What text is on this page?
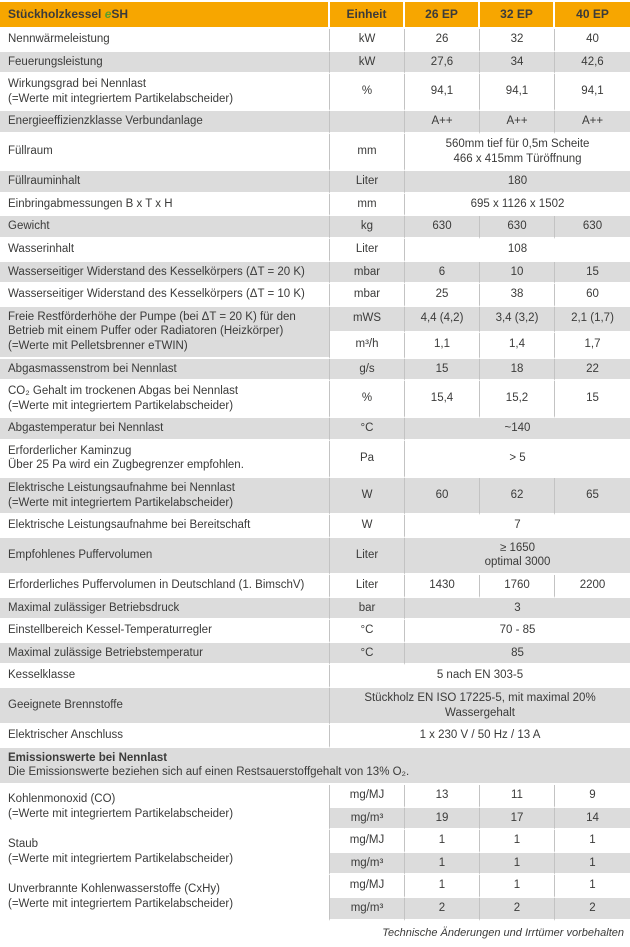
Stückholzkessel eSH	Einheit	26 EP	32 EP	40 EP

Nennwärmeleistung	kW	26	32	40

Feuerungsleistung	kW	27,6	34	42,6

Wirkungsgrad bei Nennlast
(=Werte mit integriertem Partikelabscheider)	%	94,1	94,1	94,1

Energieeffizienzklasse Verbundanlage		A++	A++	A++

Füllraum	mm	560mm tief für 0,5m Scheite
466 x 415mm Türöffnung		

Füllrauminhalt	Liter	180		

Einbringabmessungen B x T x H	mm	695 x 1126 x 1502		

Gewicht	kg	630	630	630

Wasserinhalt	Liter	108		

Wasserseitiger Widerstand des Kesselkörpers (ΔT = 20 K)	mbar	6	10	15

Wasserseitiger Widerstand des Kesselkörpers (ΔT = 10 K)	mbar	25	38	60

Freie Restförderhöhe der Pumpe (bei ΔT = 20 K) für den Betrieb mit einem Puffer oder Radiatoren (Heizkörper)
(=Werte mit Pelletsbrenner eTWIN)	mWS	4,4 (4,2)	3,4 (3,2)	2,1 (1,7)
	m³/h	1,1	1,4	1,7

Abgasmassenstrom bei Nennlast	g/s	15	18	22

CO₂ Gehalt im trockenen Abgas bei Nennlast
(=Werte mit integriertem Partikelabscheider)	%	15,4	15,2	15

Abgastemperatur bei Nennlast	°C	~140		

Erforderlicher Kaminzug
Über 25 Pa wird ein Zugbegrenzer empfohlen.	Pa	> 5		

Elektrische Leistungsaufnahme bei Nennlast
(=Werte mit integriertem Partikelabscheider)	W	60	62	65

Elektrische Leistungsaufnahme bei Bereitschaft	W	7		

Empfohlenes Puffervolumen	Liter	≥ 1650
optimal 3000		

Erforderliches Puffervolumen in Deutschland (1. BimschV)	Liter	1430	1760	2200

Maximal zulässiger Betriebsdruck	bar	3		

Einstellbereich Kessel-Temperaturregler	°C	70 - 85		

Maximal zulässige Betriebstemperatur	°C	85		

Kesselklasse	5 nach EN 303-5			

Geeignete Brennstoffe	Stückholz EN ISO 17225-5, mit maximal 20% Wassergehalt			

Elektrischer Anschluss	1 x 230 V / 50 Hz / 13 A			

Emissionswerte bei Nennlast
Die Emissionswerte beziehen sich auf einen Restsauerstoffgehalt von 13% O₂.				

Kohlenmonoxid (CO)
(=Werte mit integriertem Partikelabscheider)	mg/MJ	13	11	9
	mg/m³	19	17	14

Staub
(=Werte mit integriertem Partikelabscheider)	mg/MJ	1	1	1
	mg/m³	1	1	1

Unverbrannte Kohlenwasserstoffe (CxHy)
(=Werte mit integriertem Partikelabscheider)	mg/MJ	1	1	1
	mg/m³	2	2	2
Technische Änderungen und Irrtümer vorbehalten
